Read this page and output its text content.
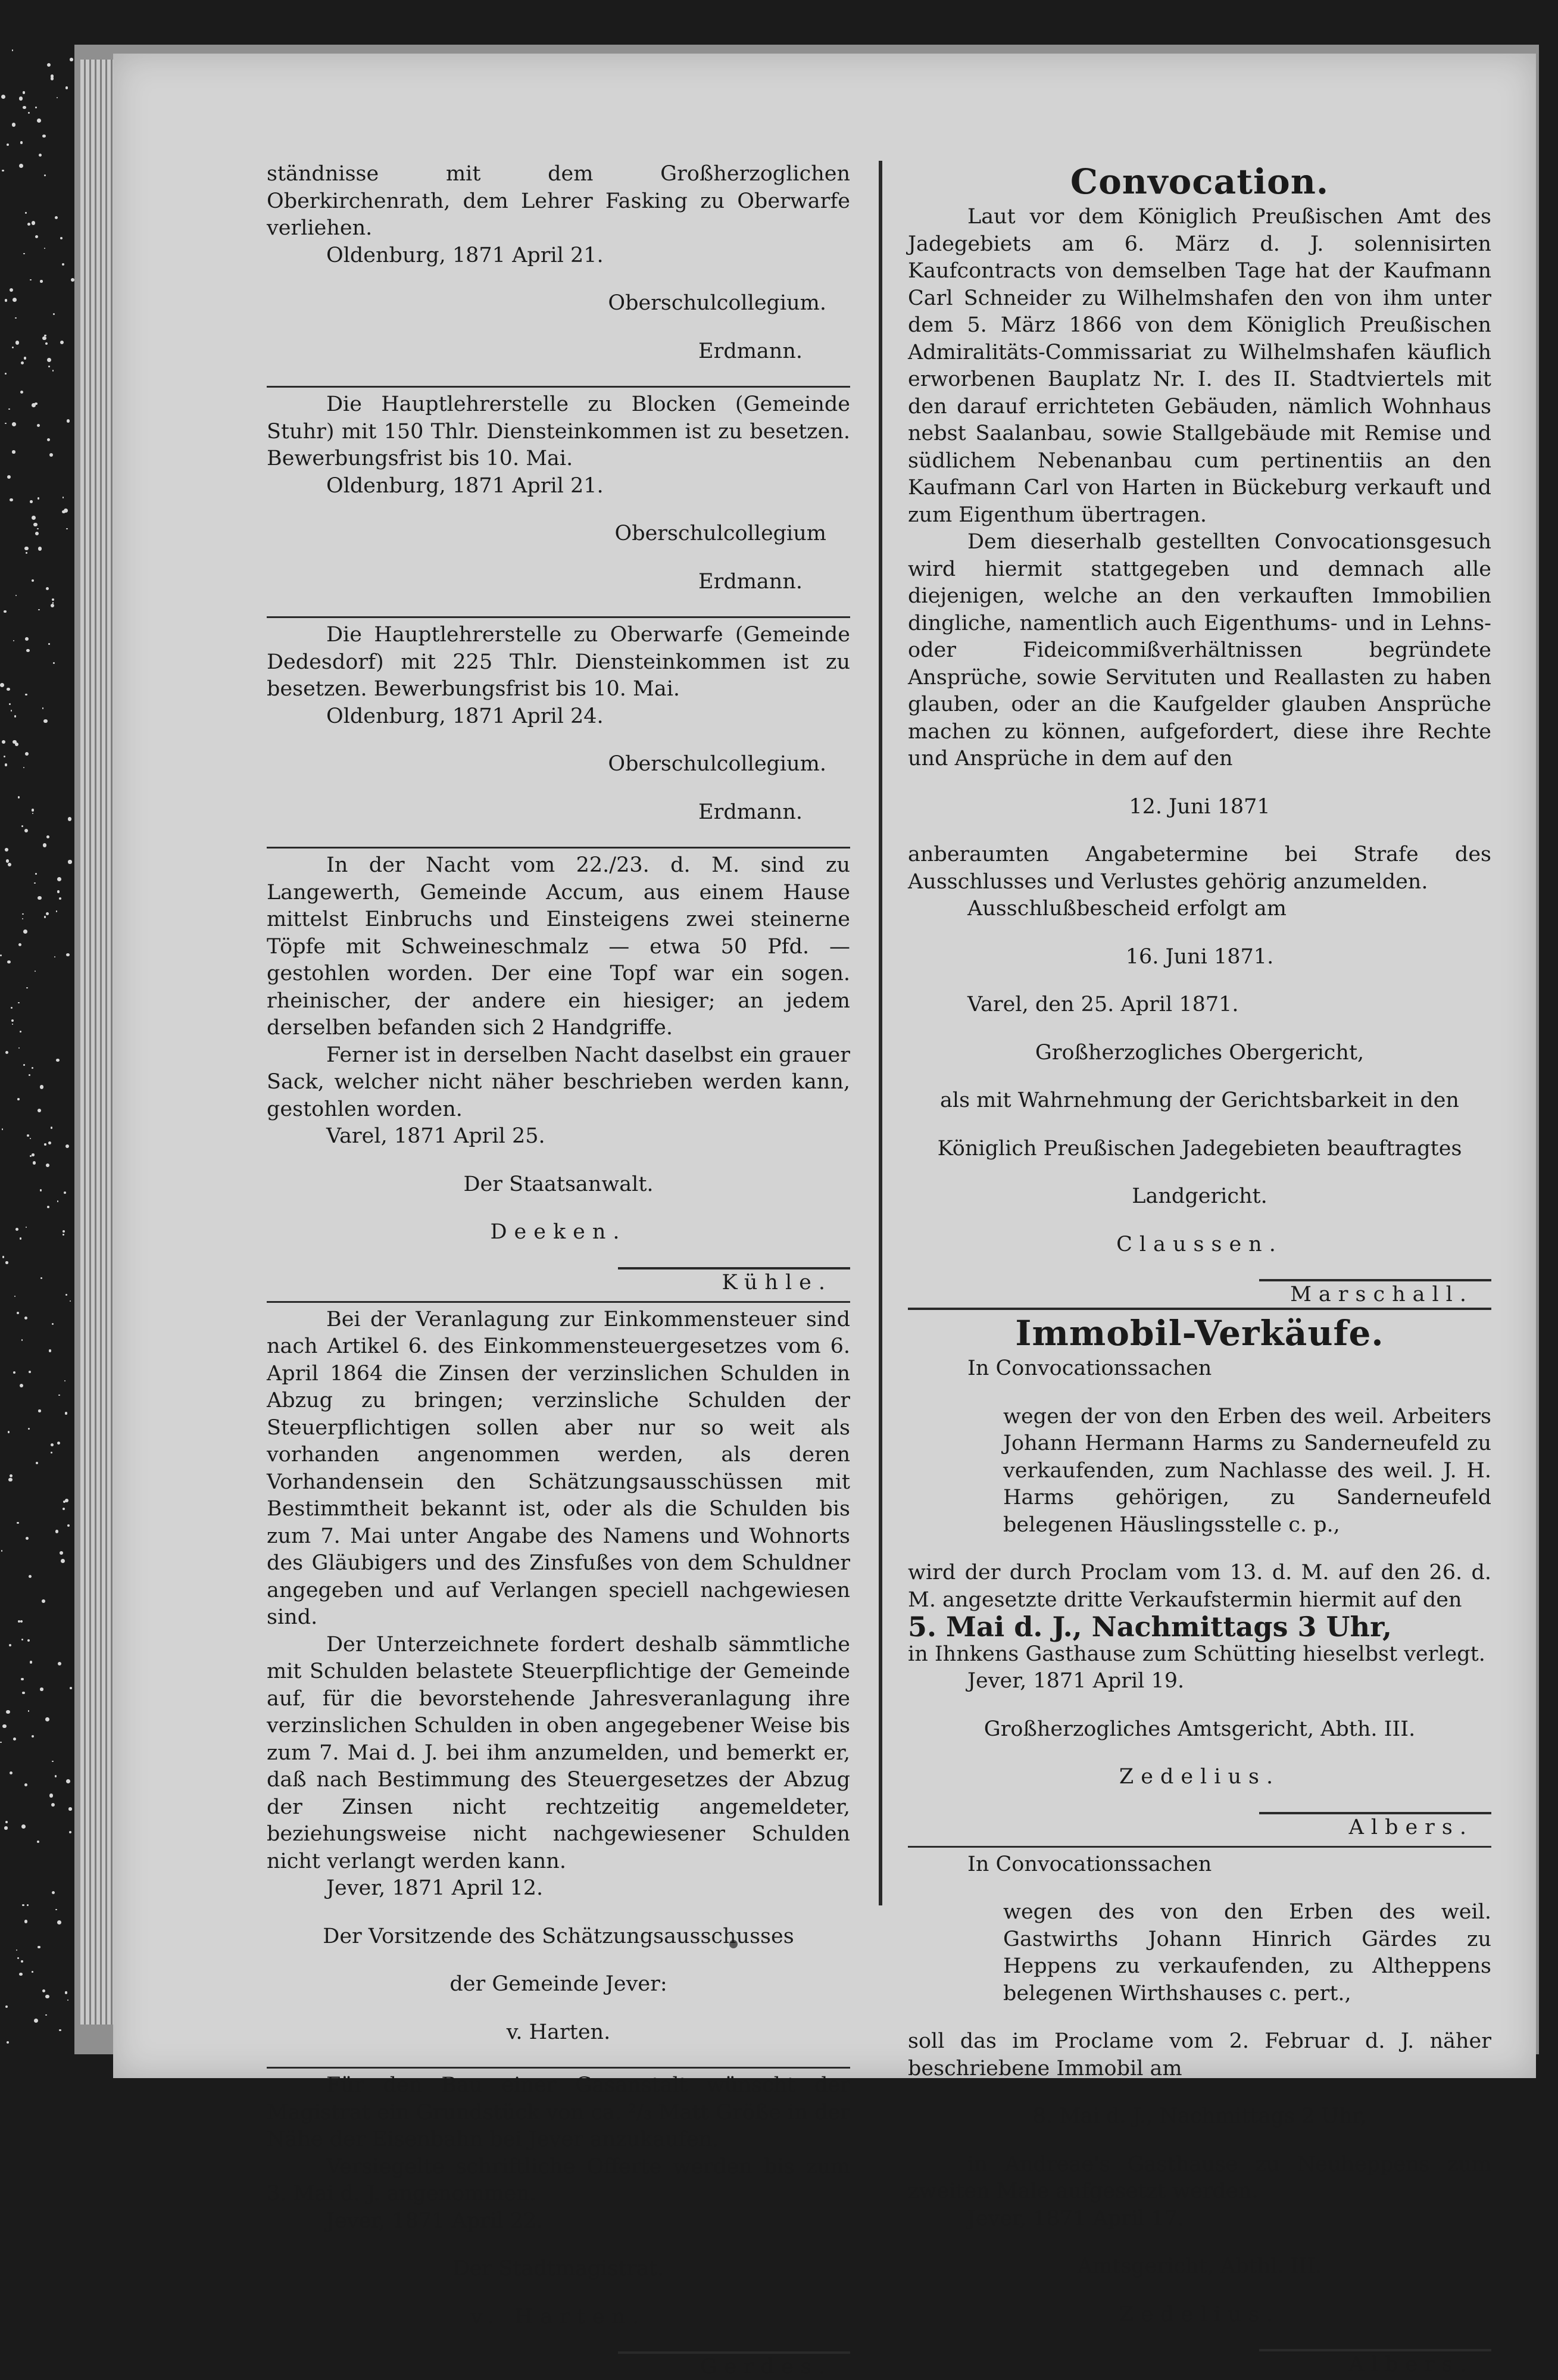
ständnisse mit dem Großherzoglichen Oberkirchenrath, dem Lehrer Fasking zu Oberwarfe verliehen.

Oldenburg, 1871 April 21.

Oberschulcollegium.

Erdmann.

Die Hauptlehrerstelle zu Blocken (Gemeinde Stuhr) mit 150 Thlr. Diensteinkommen ist zu besetzen. Bewerbungsfrist bis 10. Mai.

Oldenburg, 1871 April 21.

Oberschulcollegium

Erdmann.

Die Hauptlehrerstelle zu Oberwarfe (Gemeinde Dedesdorf) mit 225 Thlr. Diensteinkommen ist zu besetzen. Bewerbungsfrist bis 10. Mai.

Oldenburg, 1871 April 24.

Oberschulcollegium.

Erdmann.

In der Nacht vom 22./23. d. M. sind zu Langewerth, Gemeinde Accum, aus einem Hause mittelst Einbruchs und Einsteigens zwei steinerne Töpfe mit Schweineschmalz — etwa 50 Pfd. — gestohlen worden. Der eine Topf war ein sogen. rheinischer, der andere ein hiesiger; an jedem derselben befanden sich 2 Handgriffe.

Ferner ist in derselben Nacht daselbst ein grauer Sack, welcher nicht näher beschrieben werden kann, gestohlen worden.

Varel, 1871 April 25.

Der Staatsanwalt.

Deeken.

Kühle.

Bei der Veranlagung zur Einkommensteuer sind nach Artikel 6. des Einkommensteuergesetzes vom 6. April 1864 die Zinsen der verzinslichen Schulden in Abzug zu bringen; verzinsliche Schulden der Steuerpflichtigen sollen aber nur so weit als vorhanden angenommen werden, als deren Vorhandensein den Schätzungsausschüssen mit Bestimmtheit bekannt ist, oder als die Schulden bis zum 7. Mai unter Angabe des Namens und Wohnorts des Gläubigers und des Zinsfußes von dem Schuldner angegeben und auf Verlangen speciell nachgewiesen sind.

Der Unterzeichnete fordert deshalb sämmtliche mit Schulden belastete Steuerpflichtige der Gemeinde auf, für die bevorstehende Jahresveranlagung ihre verzinslichen Schulden in oben angegebener Weise bis zum 7. Mai d. J. bei ihm anzumelden, und bemerkt er, daß nach Bestimmung des Steuergesetzes der Abzug der Zinsen nicht rechtzeitig angemeldeter, beziehungsweise nicht nachgewiesener Schulden nicht verlangt werden kann.

Jever, 1871 April 12.

Der Vorsitzende des Schätzungsausschusses

der Gemeinde Jever:

v. Harten.

Für den Bau einer Gasanstalt wünscht der Magistrat ein Grundstück von ca. ²/₃ Matt Größe in der Nähe der Eisenbahn bei Jever anzukaufen.

Versiegelte schriftliche Offerte werden bis zum 3. Mai d. J. angenommen.

Jever, 1871 April 22.

Der Stadtmagistrat.

v. Harten.

Gerdes.
Convocation.

Laut vor dem Königlich Preußischen Amt des Jadegebiets am 6. März d. J. solennisirten Kaufcontracts von demselben Tage hat der Kaufmann Carl Schneider zu Wilhelmshafen den von ihm unter dem 5. März 1866 von dem Königlich Preußischen Admiralitäts-Commissariat zu Wilhelmshafen käuflich erworbenen Bauplatz Nr. I. des II. Stadtviertels mit den darauf errichteten Gebäuden, nämlich Wohnhaus nebst Saalanbau, sowie Stallgebäude mit Remise und südlichem Nebenanbau cum pertinentiis an den Kaufmann Carl von Harten in Bückeburg verkauft und zum Eigenthum übertragen.

Dem dieserhalb gestellten Convocationsgesuch wird hiermit stattgegeben und demnach alle diejenigen, welche an den verkauften Immobilien dingliche, namentlich auch Eigenthums- und in Lehns- oder Fideicommißverhältnissen begründete Ansprüche, sowie Servituten und Reallasten zu haben glauben, oder an die Kaufgelder glauben Ansprüche machen zu können, aufgefordert, diese ihre Rechte und Ansprüche in dem auf den

12. Juni 1871

anberaumten Angabetermine bei Strafe des Ausschlusses und Verlustes gehörig anzumelden.

Ausschlußbescheid erfolgt am

16. Juni 1871.

Varel, den 25. April 1871.

Großherzogliches Obergericht,

als mit Wahrnehmung der Gerichtsbarkeit in den

Königlich Preußischen Jadegebieten beauftragtes

Landgericht.

Claussen.

Marschall.
Immobil-Verkäufe.

In Convocationssachen

wegen der von den Erben des weil. Arbeiters Johann Hermann Harms zu Sanderneufeld zu verkaufenden, zum Nachlasse des weil. J. H. Harms gehörigen, zu Sanderneufeld belegenen Häuslingsstelle c. p.,

wird der durch Proclam vom 13. d. M. auf den 26. d. M. angesetzte dritte Verkaufstermin hiermit auf den

5. Mai d. J., Nachmittags 3 Uhr,

in Ihnkens Gasthause zum Schütting hieselbst verlegt.

Jever, 1871 April 19.

Großherzogliches Amtsgericht, Abth. III.

Zedelius.

Albers.

In Convocationssachen

wegen des von den Erben des weil. Gastwirths Johann Hinrich Gärdes zu Heppens zu verkaufenden, zu Altheppens belegenen Wirthshauses c. pert.,

soll das im Proclame vom 2. Februar d. J. näher beschriebene Immobil am

8. Mai d. J., Nachmittags 2 Uhr,

in Andreae's Gasthause zu Neuheppens zum zweiten Male aufgesetzt werden.

Jever, 1871 April 17.

Amtsgericht, Abthl. III.

Zedelius.

Albers.
